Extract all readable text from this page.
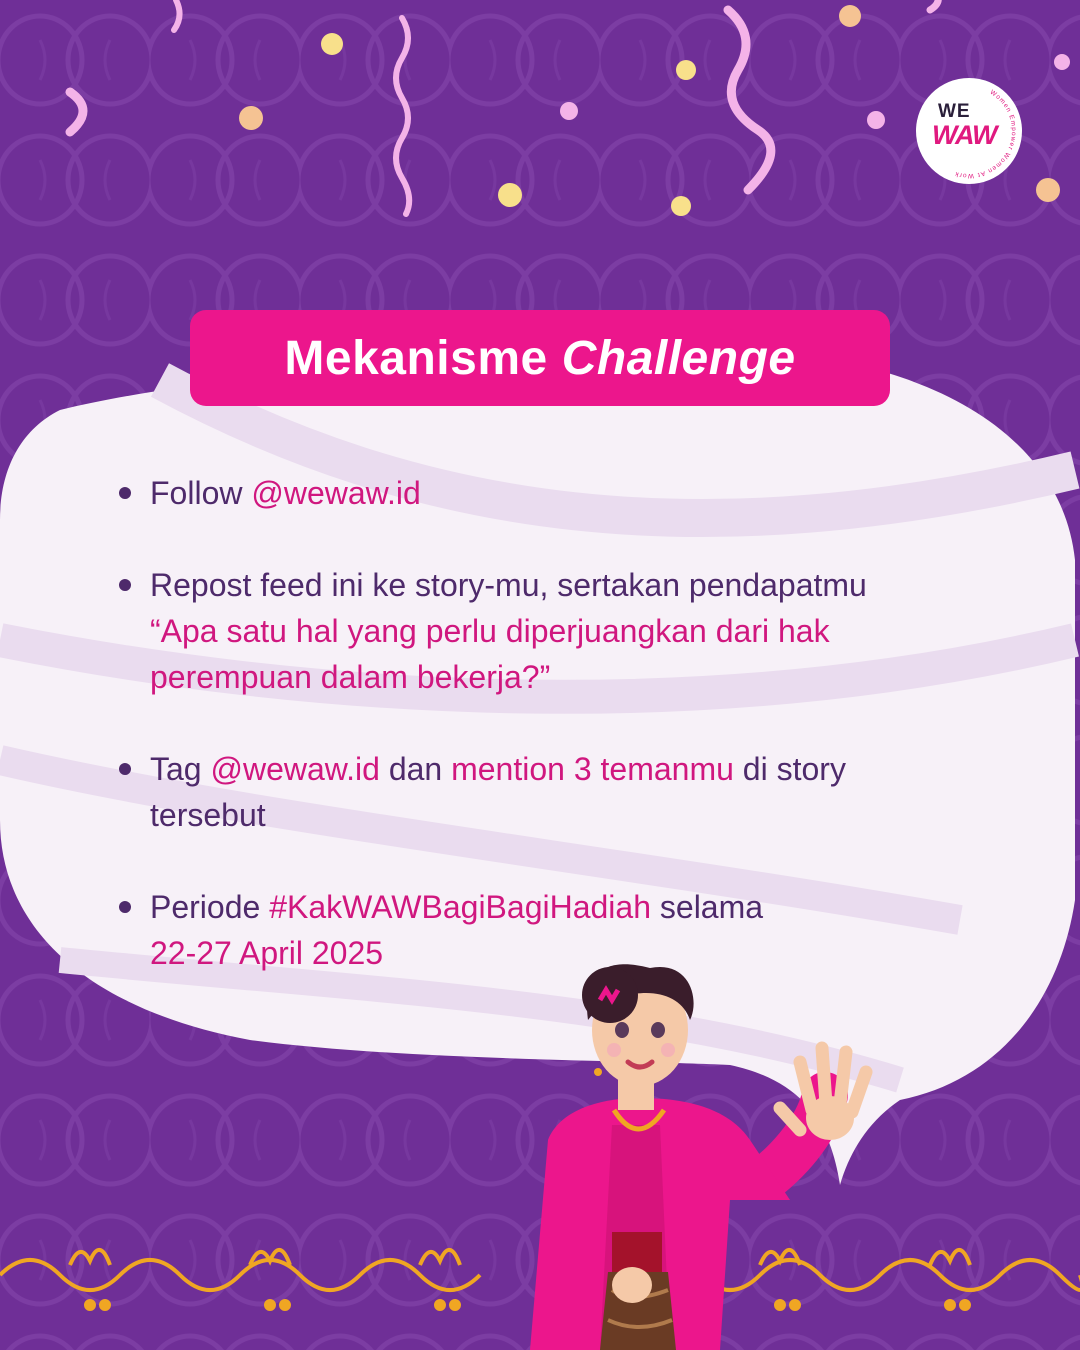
WE
WAW
Women Empower Women At Work
Mekanisme Challenge
Follow @wewaw.id
Repost feed ini ke story-mu, sertakan pendapatmu
“Apa satu hal yang perlu diperjuangkan dari hak
perempuan dalam bekerja?”
Tag @wewaw.id dan mention 3 temanmu di story
tersebut
Periode #KakWAWBagiBagiHadiah selama
22-27 April 2025
